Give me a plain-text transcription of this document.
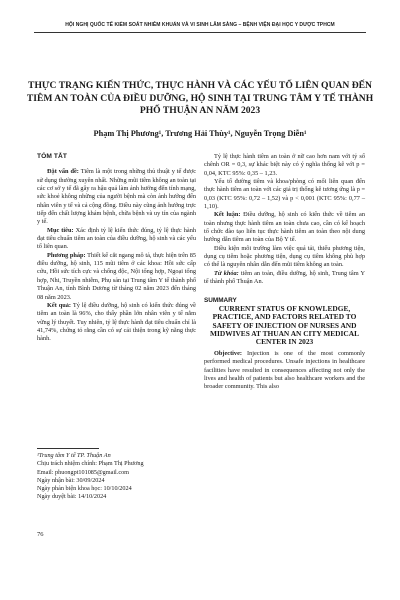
HỘI NGHỊ QUỐC TẾ KIỂM SOÁT NHIỄM KHUẨN VÀ VI SINH LÂM SÀNG – BỆNH VIỆN ĐẠI HỌC Y DƯỢC TPHCM
THỰC TRẠNG KIẾN THỨC, THỰC HÀNH VÀ CÁC YẾU TỐ LIÊN QUAN ĐẾN TIÊM AN TOÀN CỦA ĐIỀU DƯỠNG, HỘ SINH TẠI TRUNG TÂM Y TẾ THÀNH PHỐ THUẬN AN NĂM 2023
Phạm Thị Phương¹, Trương Hải Thùy¹, Nguyễn Trọng Diễn¹
TÓM TẮT

Đặt vấn đề: Tiêm là một trong những thủ thuật y tế được sử dụng thường xuyên nhất. Những mũi tiêm không an toàn tại các cơ sở y tế đã gây ra hậu quả làm ảnh hưởng đến tính mạng, sức khoẻ không những của người bệnh mà còn ảnh hưởng đến nhân viên y tế và cả cộng đồng. Điều này cũng ảnh hưởng trực tiếp đến chất lượng khám bệnh, chữa bệnh và uy tín của ngành y tế.

Mục tiêu: Xác định tỷ lệ kiến thức đúng, tỷ lệ thực hành đạt tiêu chuẩn tiêm an toàn của điều dưỡng, hộ sinh và các yếu tố liên quan.

Phương pháp: Thiết kế cắt ngang mô tả, thực hiện trên 85 điều dưỡng, hộ sinh, 115 mũi tiêm ở các khoa: Hồi sức cấp cứu, Hồi sức tích cực và chống độc, Nội tổng hợp, Ngoại tổng hợp, Nhi, Truyền nhiễm, Phụ sản tại Trung tâm Y tế thành phố Thuận An, tỉnh Bình Dương từ tháng 02 năm 2023 đến tháng 08 năm 2023.

Kết quả: Tỷ lệ điều dưỡng, hộ sinh có kiến thức đúng về tiêm an toàn là 96%, cho thấy phần lớn nhân viên y tế nắm vững lý thuyết. Tuy nhiên, tỷ lệ thực hành đạt tiêu chuẩn chỉ là 41,74%, chứng tỏ rằng cần có sự cải thiện trong kỹ năng thực hành.

¹Trung tâm Y tế TP. Thuận An
Chịu trách nhiệm chính: Phạm Thị Phương
Email: phuongpt101085@gmail.com
Ngày nhận bài: 30/09/2024
Ngày phản biện khoa học: 10/10/2024
Ngày duyệt bài: 14/10/2024
76

Tỷ lệ thực hành tiêm an toàn ở nữ cao hơn nam với tỷ số chênh OR = 0,3, sự khác biệt này có ý nghĩa thống kê với p = 0,04, KTC 95%: 0,35 – 1,23.

Yếu tố đường tiêm và khoa/phòng có mối liên quan đến thực hành tiêm an toàn với các giá trị thống kê tương ứng là p = 0,03 (KTC 95%: 0,72 – 1,52) và p < 0,001 (KTC 95%: 0,77 – 1,10).

Kết luận: Điều dưỡng, hộ sinh có kiến thức về tiêm an toàn nhưng thực hành tiêm an toàn chưa cao, cần có kế hoạch tổ chức đào tạo liên tục thực hành tiêm an toàn theo nội dung hướng dẫn tiêm an toàn của Bộ Y tế.

Điều kiện môi trường làm việc quá tải, thiếu phương tiện, dụng cụ tiêm hoặc phương tiện, dụng cụ tiêm không phù hợp có thể là nguyên nhân dẫn đến mũi tiêm không an toàn.

Từ khóa: tiêm an toàn, điều dưỡng, hộ sinh, Trung tâm Y tế thành phố Thuận An.

SUMMARY

CURRENT STATUS OF KNOWLEDGE, PRACTICE, AND FACTORS RELATED TO SAFETY OF INJECTION OF NURSES AND MIDWIVES AT THUAN AN CITY MEDICAL CENTER IN 2023

Objective: Injection is one of the most commonly performed medical procedures. Unsafe injections in healthcare facilities have resulted in consequences affecting not only the lives and health of patients but also healthcare workers and the broader community. This also
